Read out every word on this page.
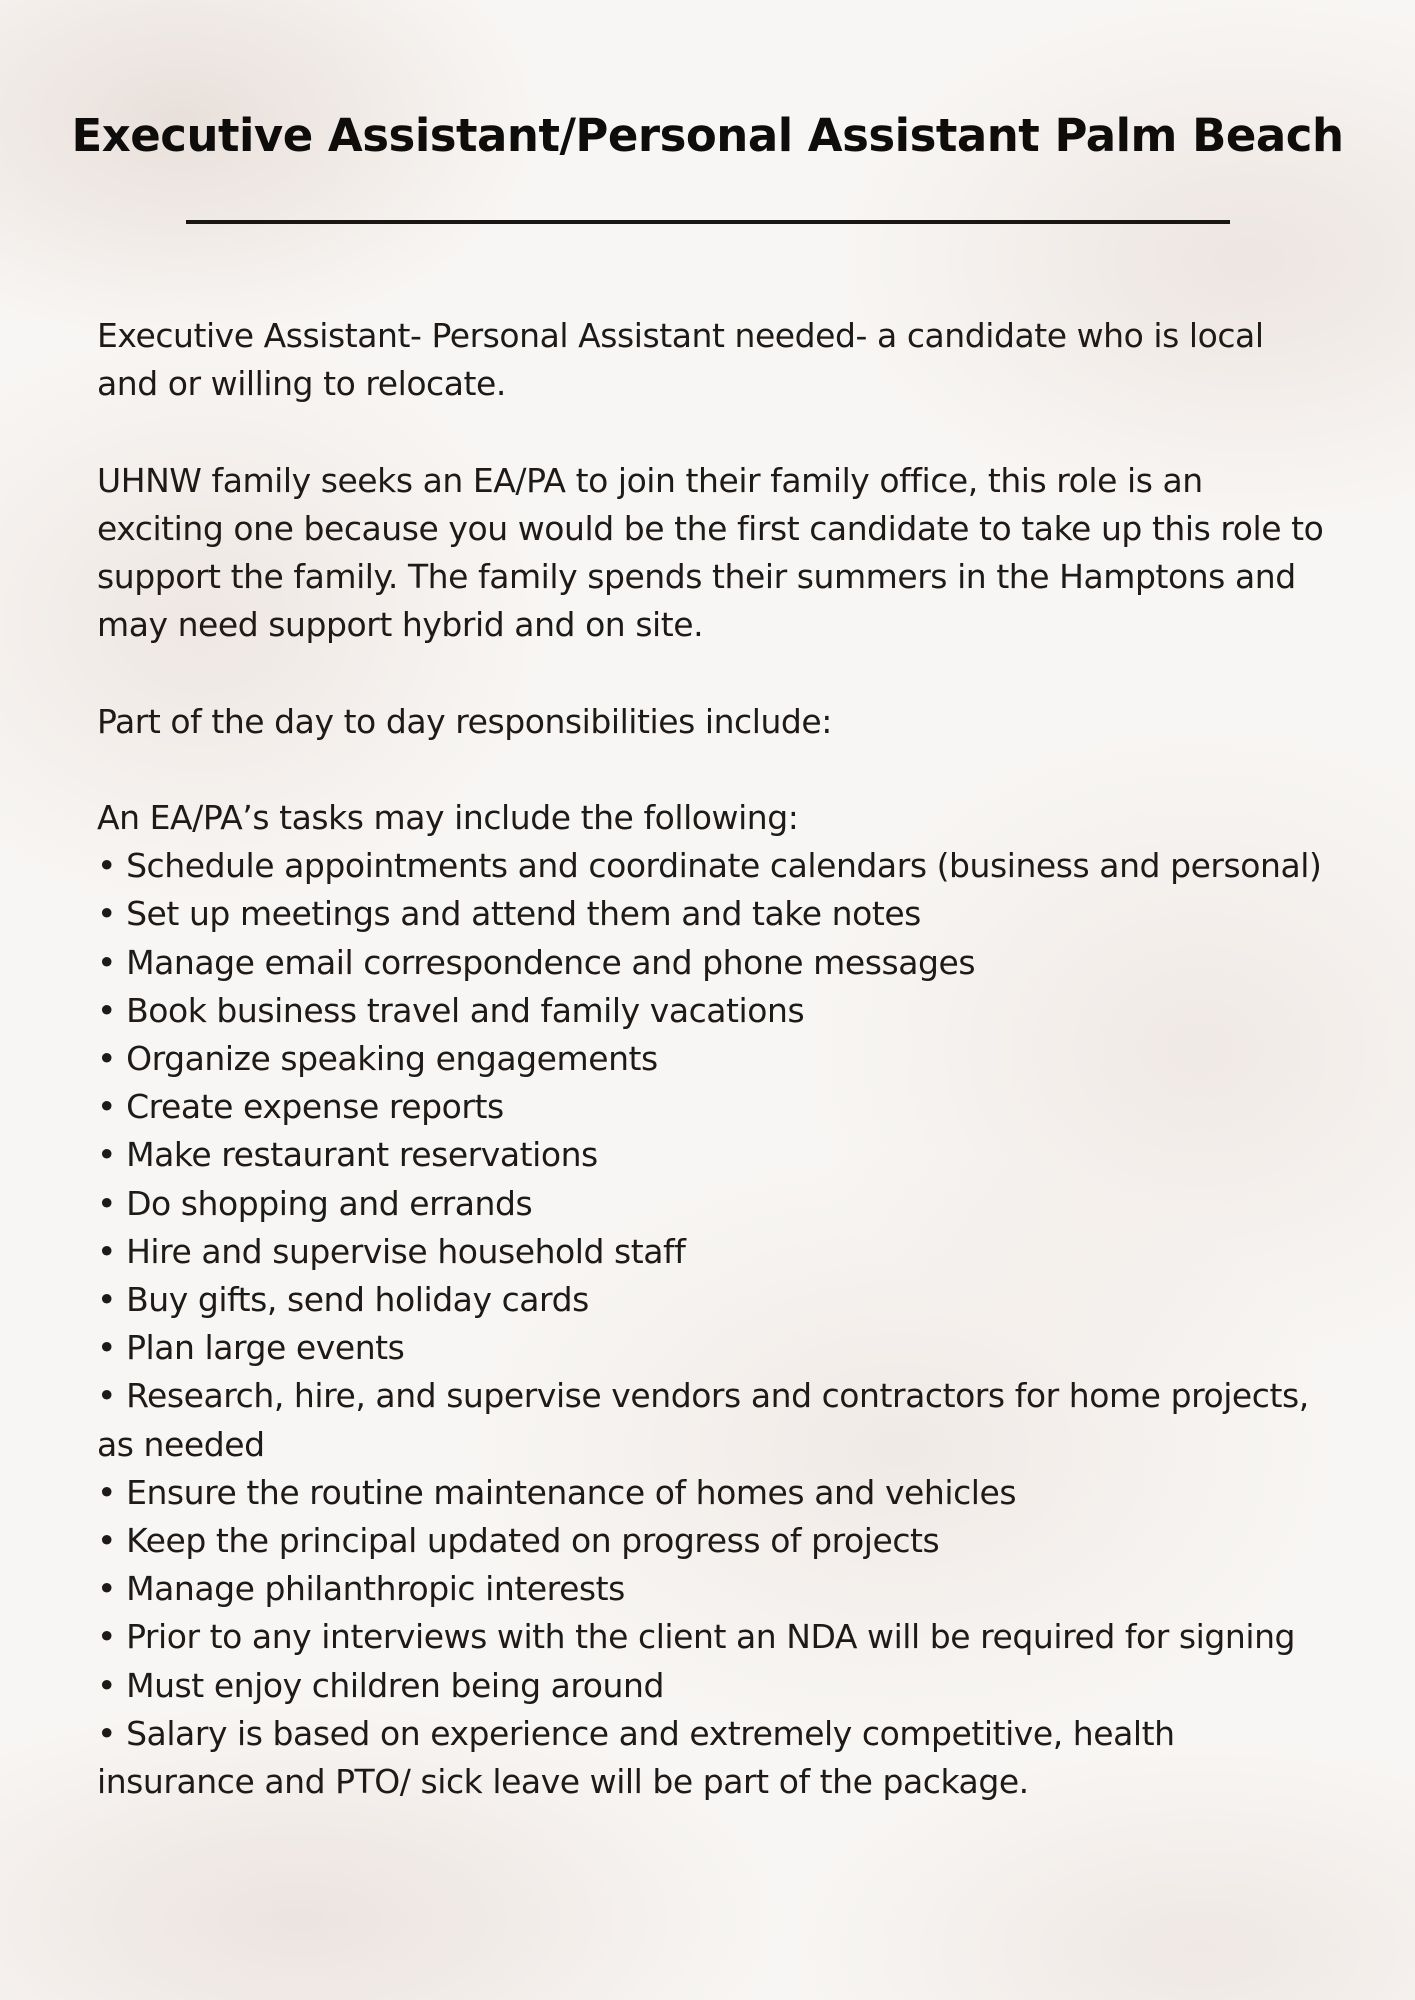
Executive Assistant/Personal Assistant Palm Beach

Executive Assistant- Personal Assistant needed- a candidate who is local and or willing to relocate.

UHNW family seeks an EA/PA to join their family office, this role is an exciting one because you would be the first candidate to take up this role to support the family. The family spends their summers in the Hamptons and may need support hybrid and on site.

Part of the day to day responsibilities include:

An EA/PA’s tasks may include the following:
• Schedule appointments and coordinate calendars (business and personal)
• Set up meetings and attend them and take notes
• Manage email correspondence and phone messages
• Book business travel and family vacations
• Organize speaking engagements
• Create expense reports
• Make restaurant reservations
• Do shopping and errands
• Hire and supervise household staff
• Buy gifts, send holiday cards
• Plan large events
• Research, hire, and supervise vendors and contractors for home projects, as needed
• Ensure the routine maintenance of homes and vehicles
• Keep the principal updated on progress of projects
• Manage philanthropic interests
• Prior to any interviews with the client an NDA will be required for signing
• Must enjoy children being around
• Salary is based on experience and extremely competitive, health insurance and PTO/ sick leave will be part of the package.
